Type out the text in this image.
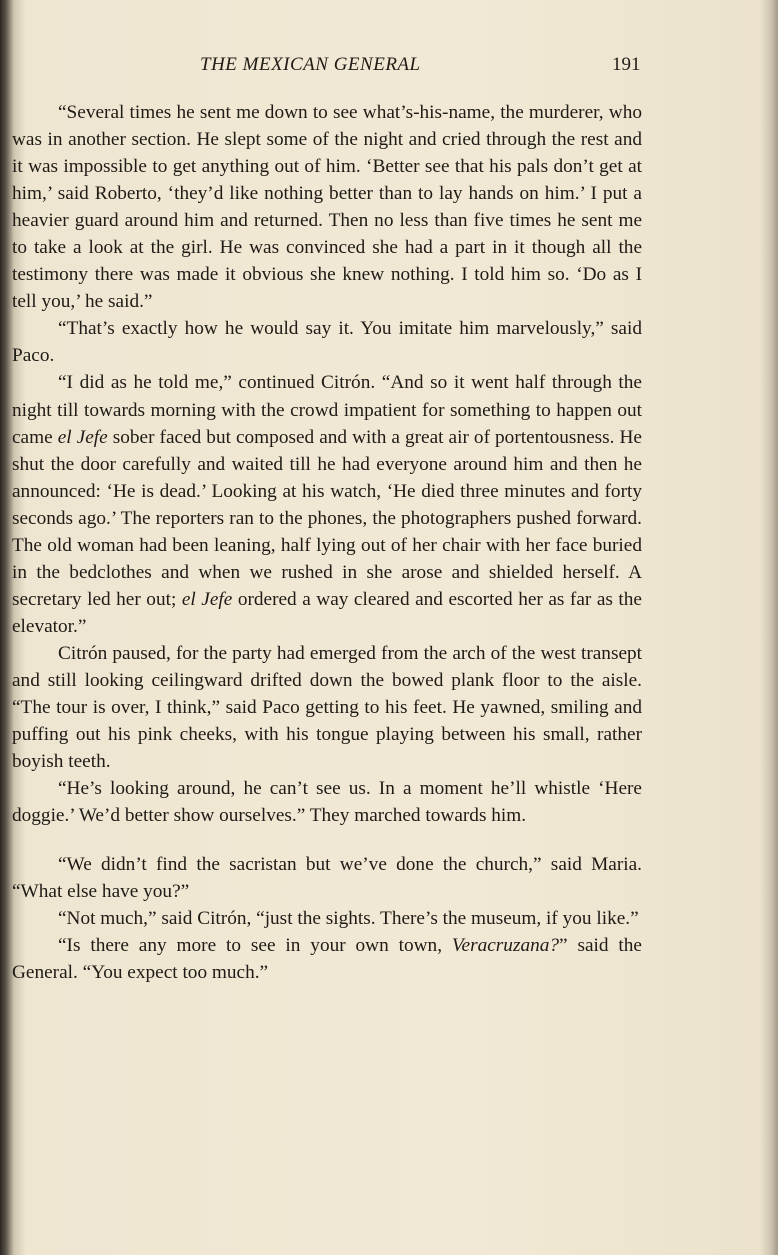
THE MEXICAN GENERAL	191

“Several times he sent me down to see what’s-his-name, the murderer, who was in another section. He slept some of the night and cried through the rest and it was impossible to get anything out of him. ‘Better see that his pals don’t get at him,’ said Roberto, ‘they’d like nothing better than to lay hands on him.’ I put a heavier guard around him and returned. Then no less than five times he sent me to take a look at the girl. He was convinced she had a part in it though all the testimony there was made it obvious she knew nothing. I told him so. ‘Do as I tell you,’ he said.”

“That’s exactly how he would say it. You imitate him marvelously,” said Paco.

“I did as he told me,” continued Citrón. “And so it went half through the night till towards morning with the crowd impatient for something to happen out came el Jefe sober faced but composed and with a great air of portentousness. He shut the door carefully and waited till he had everyone around him and then he announced: ‘He is dead.’ Looking at his watch, ‘He died three minutes and forty seconds ago.’ The reporters ran to the phones, the photographers pushed forward. The old woman had been leaning, half lying out of her chair with her face buried in the bedclothes and when we rushed in she arose and shielded herself. A secretary led her out; el Jefe ordered a way cleared and escorted her as far as the elevator.”

Citrón paused, for the party had emerged from the arch of the west transept and still looking ceilingward drifted down the bowed plank floor to the aisle. “The tour is over, I think,” said Paco getting to his feet. He yawned, smiling and puffing out his pink cheeks, with his tongue playing between his small, rather boyish teeth.

“He’s looking around, he can’t see us. In a moment he’ll whistle ‘Here doggie.’ We’d better show ourselves.” They marched towards him.

“We didn’t find the sacristan but we’ve done the church,” said Maria. “What else have you?”

“Not much,” said Citrón, “just the sights. There’s the museum, if you like.”

“Is there any more to see in your own town, Veracruzana?” said the General. “You expect too much.”
